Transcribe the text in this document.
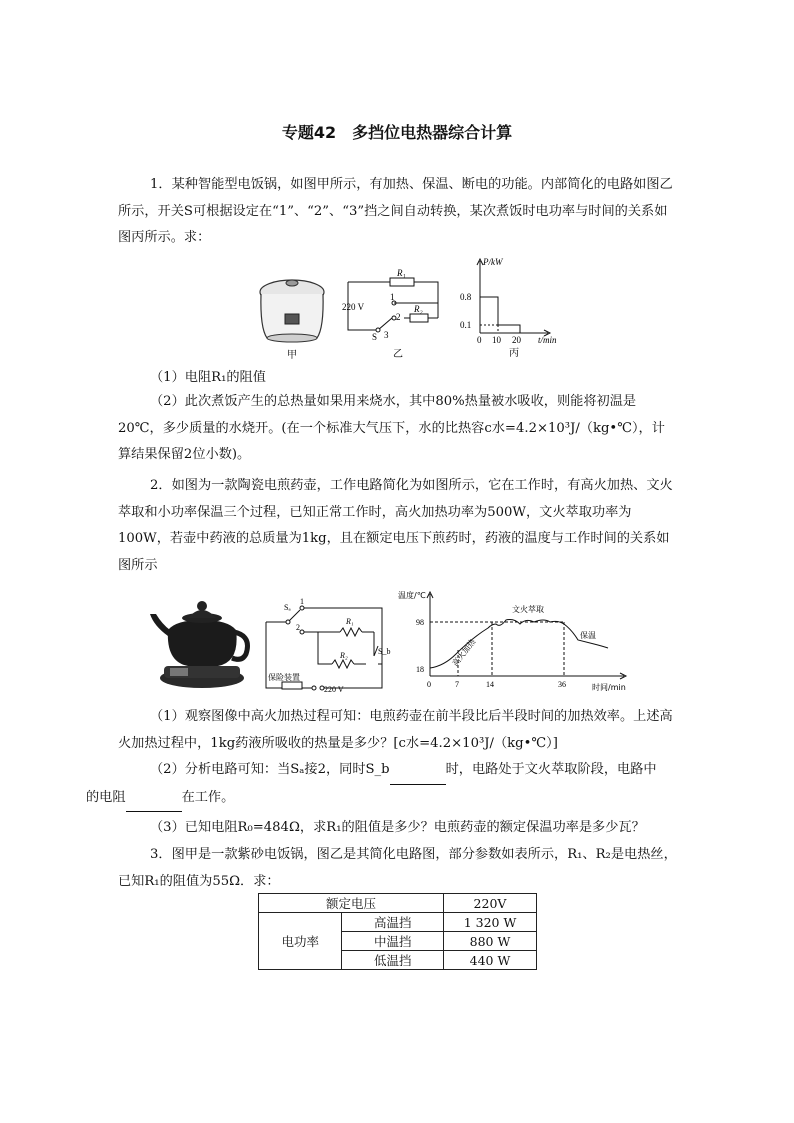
专题42　多挡位电热器综合计算
1．某种智能型电饭锅，如图甲所示，有加热、保温、断电的功能。内部简化的电路如图乙所示，开关S可根据设定在“1”、“2”、“3”挡之间自动转换，某次煮饭时电功率与时间的关系如图丙所示。求：
甲
R₁
R₂
220 V
1
2
3
S
乙
P/kW
0.8
0.1
0 10 20 t/min
丙
（1）电阻R₁的阻值
（2）此次煮饭产生的总热量如果用来烧水，其中80%热量被水吸收，则能将初温是20℃，多少质量的水烧开。(在一个标准大气压下，水的比热容c水=4.2×10³J/（kg•℃），计算结果保留2位小数)。
2．如图为一款陶瓷电煎药壶，工作电路简化为如图所示，它在工作时，有高火加热、文火萃取和小功率保温三个过程，已知正常工作时，高火加热功率为500W，文火萃取功率为100W，若壶中药液的总质量为1kg，且在额定电压下煎药时，药液的温度与工作时间的关系如图所示
Sₐ
1
2
R₁
R₂	S_b
保险装置
220 V
温度/℃
98
18
0	7	14	36	时间/min
高火加热
文火萃取
保温
（1）观察图像中高火加热过程可知：电煎药壶在前半段比后半段时间的加热效率。上述高火加热过程中，1kg药液所吸收的热量是多少？[c水=4.2×10³J/（kg•℃）]
（2）分析电路可知：当Sₐ接2，同时S_b	时，电路处于文火萃取阶段，电路中
的电阻	在工作。
（3）已知电阻R₀=484Ω，求R₁的阻值是多少？电煎药壶的额定保温功率是多少瓦？
3．图甲是一款紫砂电饭锅，图乙是其简化电路图，部分参数如表所示，R₁、R₂是电热丝，已知R₁的阻值为55Ω．求：
额定电压		220V
电功率	高温挡	1 320 W
	中温挡	880 W
	低温挡	440 W
